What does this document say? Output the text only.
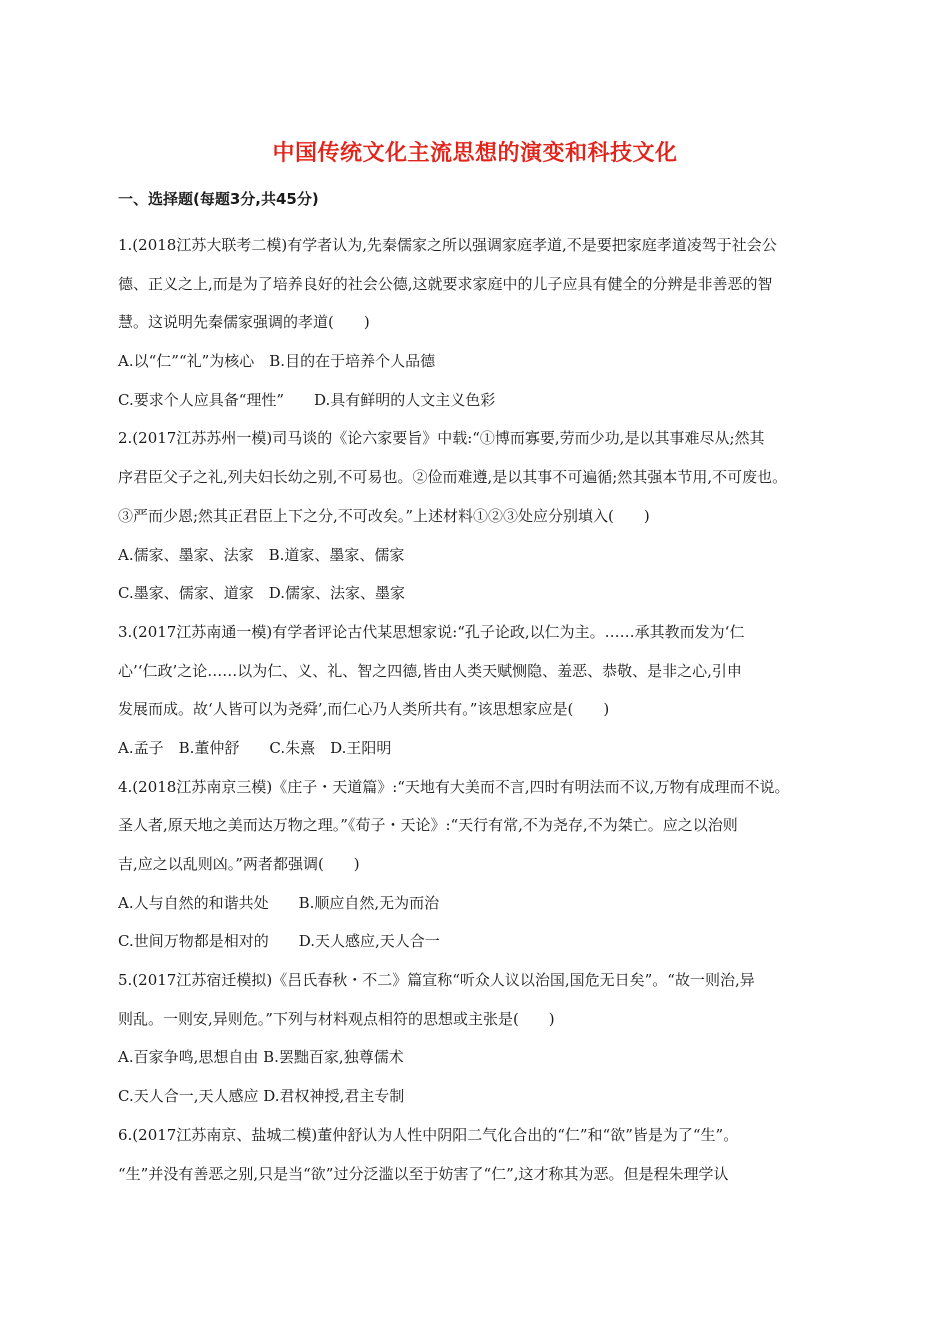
中国传统文化主流思想的演变和科技文化
一、选择题(每题3分,共45分)
1.(2018江苏大联考二模)有学者认为,先秦儒家之所以强调家庭孝道,不是要把家庭孝道凌驾于社会公
德、正义之上,而是为了培养良好的社会公德,这就要求家庭中的儿子应具有健全的分辨是非善恶的智
慧。这说明先秦儒家强调的孝道(　　)
A.以“仁”“礼”为核心　B.目的在于培养个人品德
C.要求个人应具备“理性”　　D.具有鲜明的人文主义色彩
2.(2017江苏苏州一模)司马谈的《论六家要旨》中载:“①博而寡要,劳而少功,是以其事难尽从;然其
序君臣父子之礼,列夫妇长幼之别,不可易也。②俭而难遵,是以其事不可遍循;然其强本节用,不可废也。
③严而少恩;然其正君臣上下之分,不可改矣。”上述材料①②③处应分别填入(　　)
A.儒家、墨家、法家　B.道家、墨家、儒家
C.墨家、儒家、道家　D.儒家、法家、墨家
3.(2017江苏南通一模)有学者评论古代某思想家说:“孔子论政,以仁为主。……承其教而发为‘仁
心’‘仁政’之论……以为仁、义、礼、智之四德,皆由人类天赋恻隐、羞恶、恭敬、是非之心,引申
发展而成。故‘人皆可以为尧舜’,而仁心乃人类所共有。”该思想家应是(　　)
A.孟子　B.董仲舒　　C.朱熹　D.王阳明
4.(2018江苏南京三模)《庄子・天道篇》:“天地有大美而不言,四时有明法而不议,万物有成理而不说。
圣人者,原天地之美而达万物之理。”《荀子・天论》:“天行有常,不为尧存,不为桀亡。应之以治则
吉,应之以乱则凶。”两者都强调(　　)
A.人与自然的和谐共处　　B.顺应自然,无为而治
C.世间万物都是相对的　　D.天人感应,天人合一
5.(2017江苏宿迁模拟)《吕氏春秋・不二》篇宣称“听众人议以治国,国危无日矣”。“故一则治,异
则乱。一则安,异则危。”下列与材料观点相符的思想或主张是(　　)
A.百家争鸣,思想自由 B.罢黜百家,独尊儒术
C.天人合一,天人感应 D.君权神授,君主专制
6.(2017江苏南京、盐城二模)董仲舒认为人性中阴阳二气化合出的“仁”和“欲”皆是为了“生”。
“生”并没有善恶之别,只是当“欲”过分泛滥以至于妨害了“仁”,这才称其为恶。但是程朱理学认
